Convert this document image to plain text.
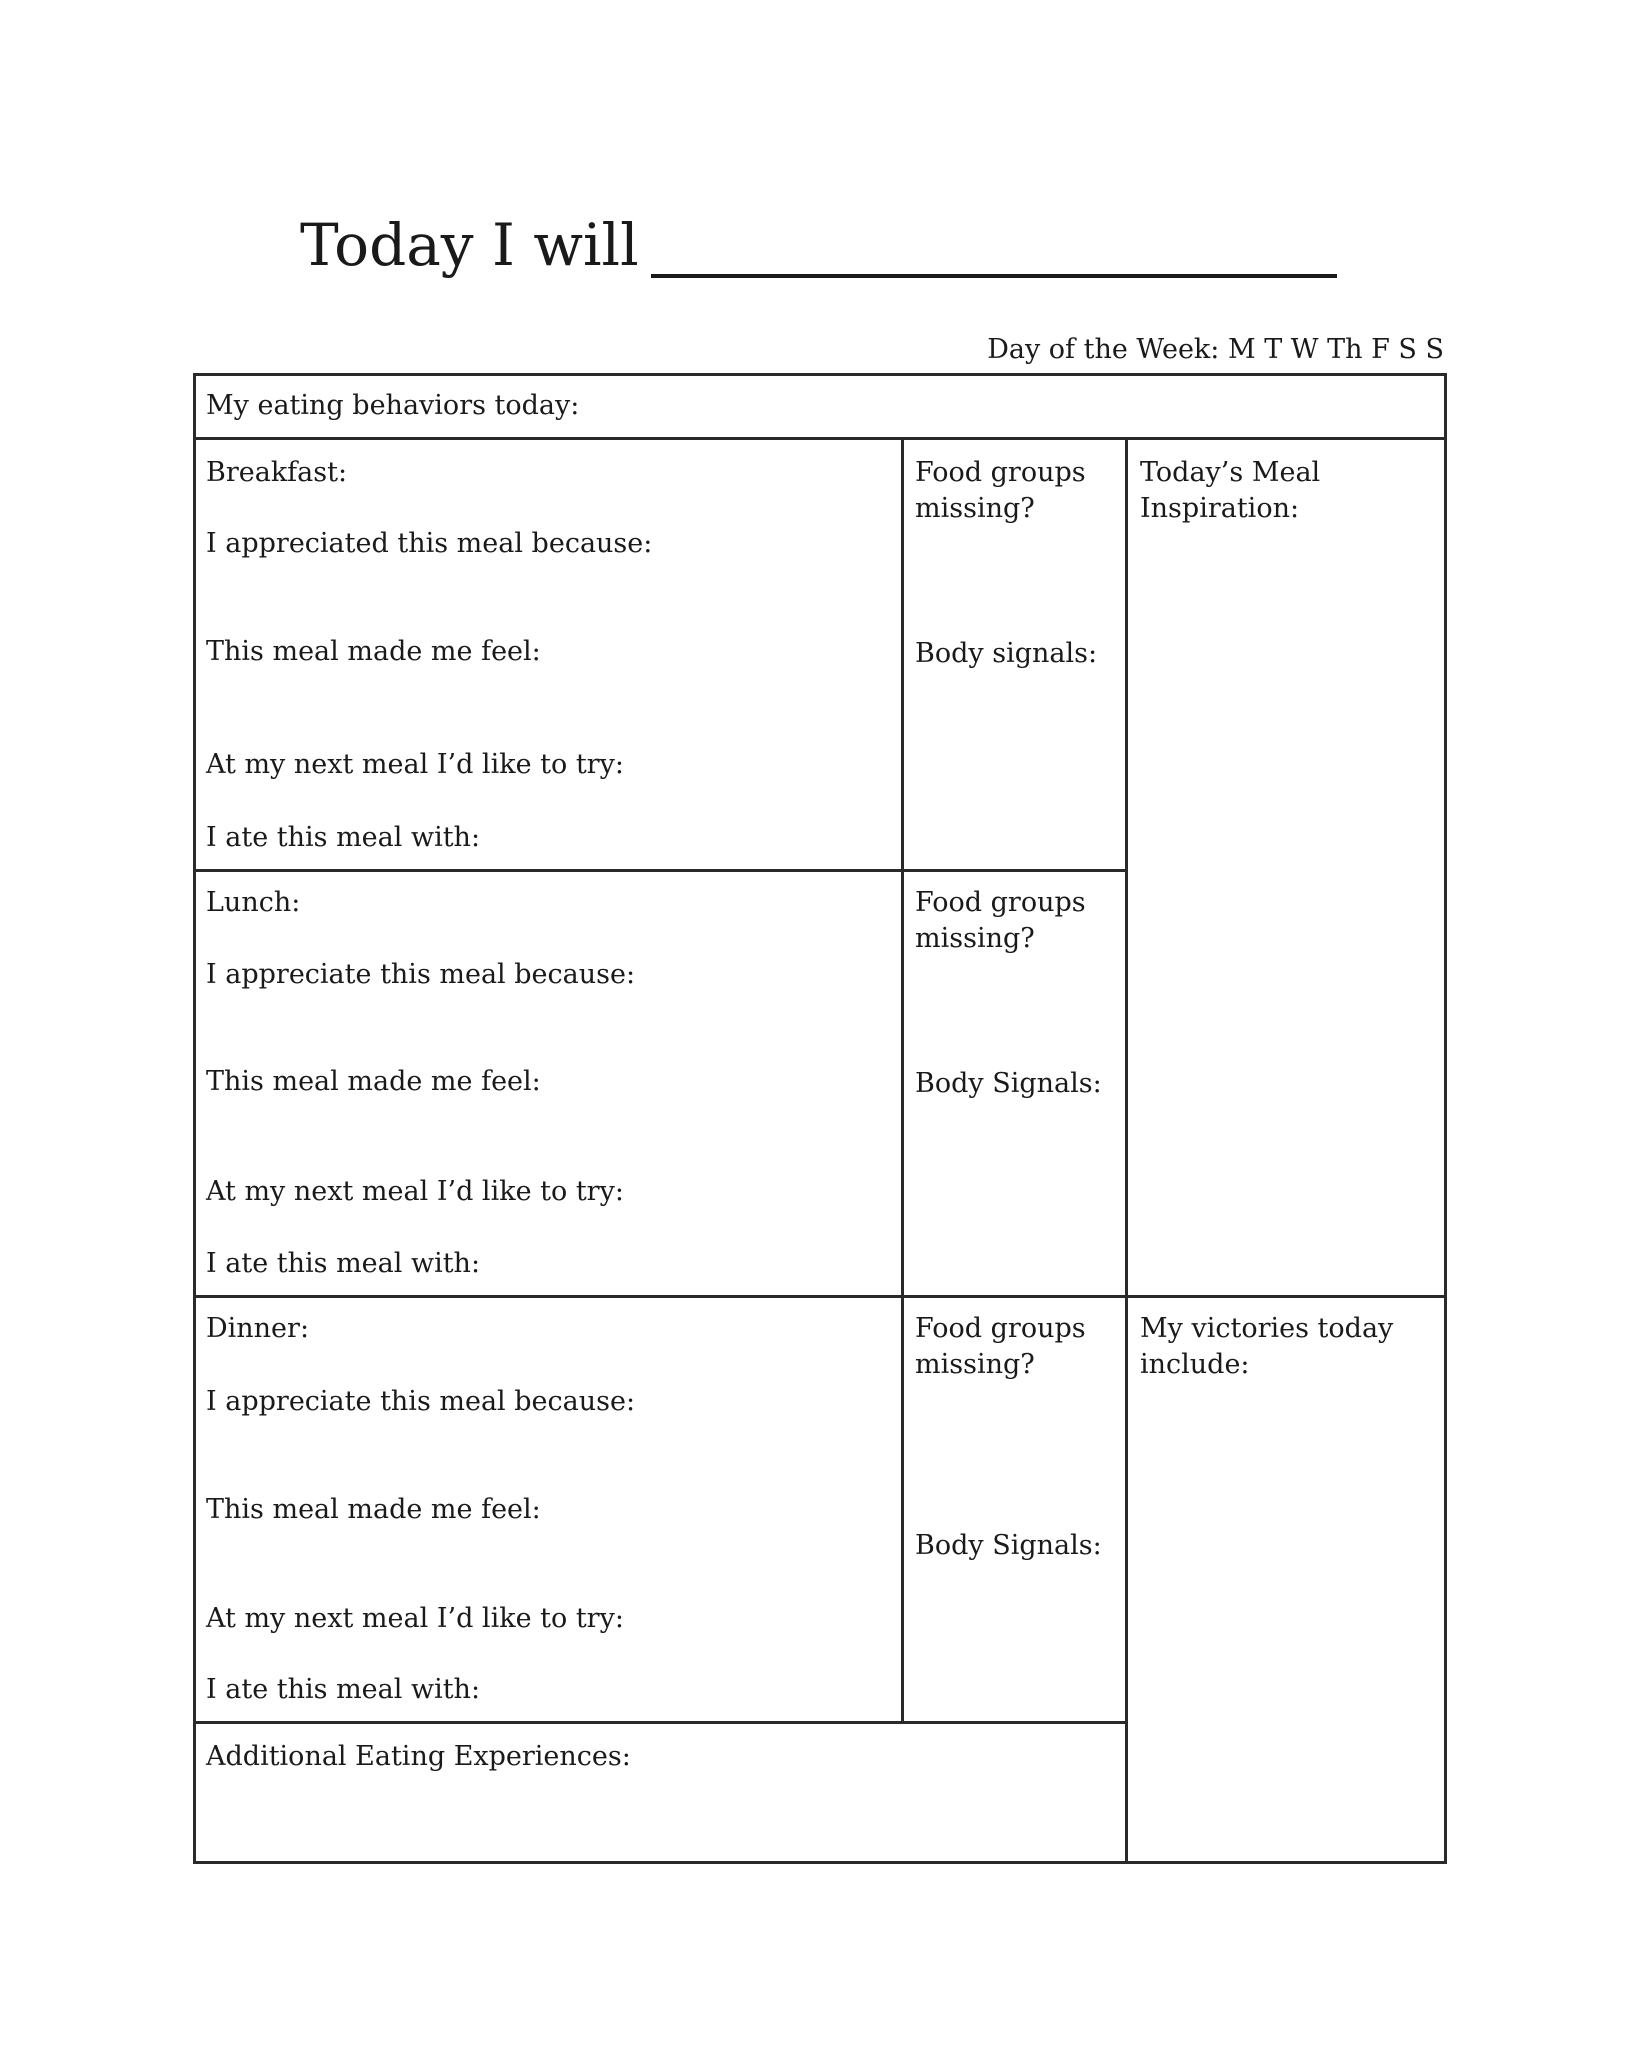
Today I will
Day of the Week: M T W Th F S S
My eating behaviors today:
Breakfast:
I appreciated this meal because:
This meal made me feel:
At my next meal I’d like to try:
I ate this meal with:
Food groups
missing?
Body signals:
Lunch:
I appreciate this meal because:
This meal made me feel:
At my next meal I’d like to try:
I ate this meal with:
Food groups
missing?
Body Signals:
Dinner:
I appreciate this meal because:
This meal made me feel:
At my next meal I’d like to try:
I ate this meal with:
Food groups
missing?
Body Signals:
Today’s Meal
Inspiration:
My victories today
include:
Additional Eating Experiences:
